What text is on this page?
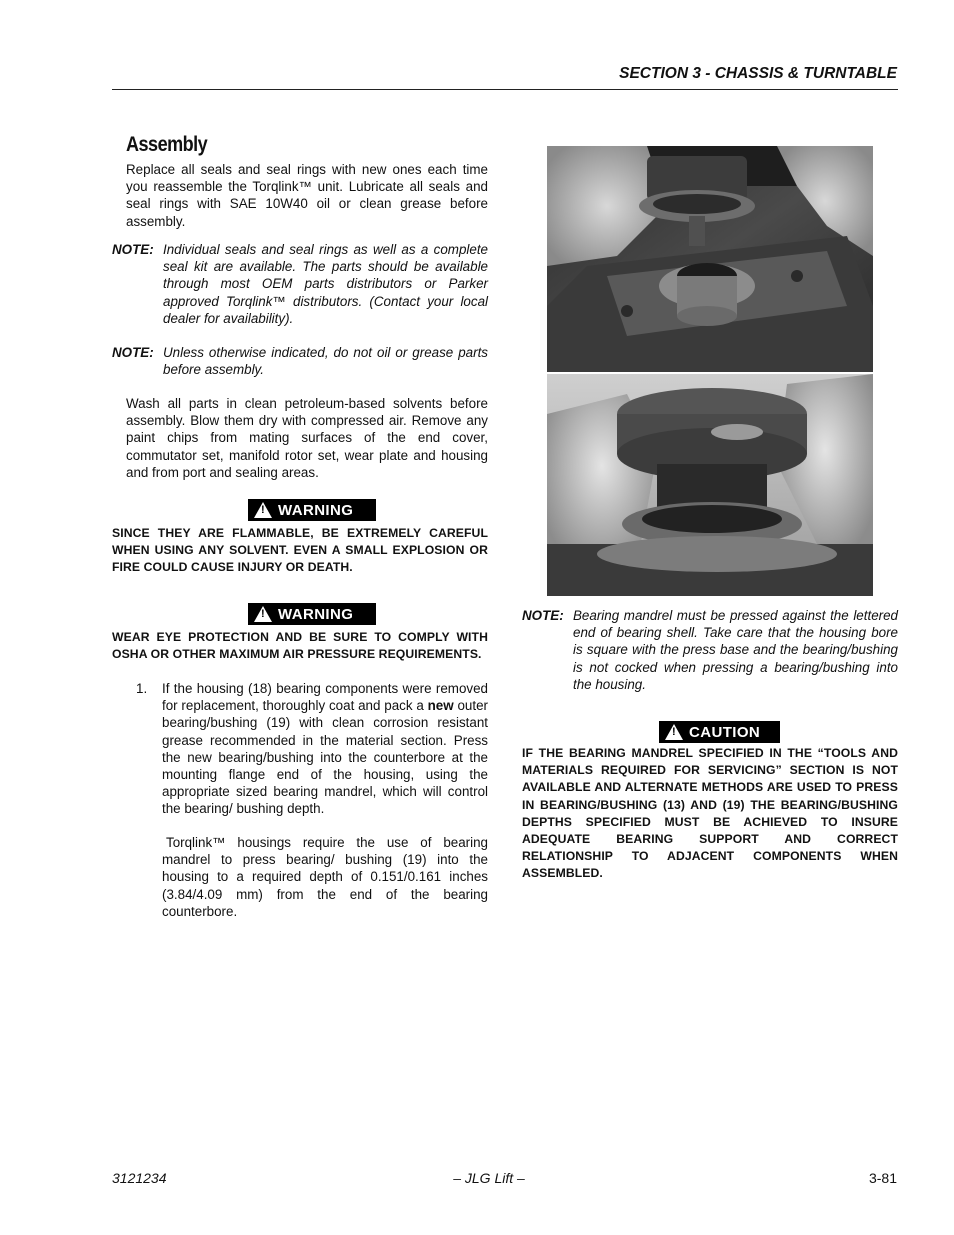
SECTION 3 - CHASSIS & TURNTABLE
Assembly
Replace all seals and seal rings with new ones each time you reassemble the Torqlink™ unit. Lubricate all seals and seal rings with SAE 10W40 oil or clean grease before assembly.
NOTE: Individual seals and seal rings as well as a complete seal kit are available. The parts should be available through most OEM parts distributors or Parker approved Torqlink™ distributors. (Contact your local dealer for availability).
NOTE: Unless otherwise indicated, do not oil or grease parts before assembly.
Wash all parts in clean petroleum-based solvents before assembly. Blow them dry with compressed air. Remove any paint chips from mating surfaces of the end cover, commutator set, manifold rotor set, wear plate and housing and from port and sealing areas.
! WARNING
SINCE THEY ARE FLAMMABLE, BE EXTREMELY CAREFUL WHEN USING ANY SOLVENT. EVEN A SMALL EXPLOSION OR FIRE COULD CAUSE INJURY OR DEATH.
! WARNING
WEAR EYE PROTECTION AND BE SURE TO COMPLY WITH OSHA OR OTHER MAXIMUM AIR PRESSURE REQUIREMENTS.
1. If the housing (18) bearing components were removed for replacement, thoroughly coat and pack a new outer bearing/bushing (19) with clean corrosion resistant grease recommended in the material section. Press the new bearing/bushing into the counterbore at the mounting flange end of the housing, using the appropriate sized bearing mandrel, which will control the bearing/ bushing depth.
Torqlink™ housings require the use of bearing mandrel to press bearing/ bushing (19) into the housing to a required depth of 0.151/0.161 inches (3.84/4.09 mm) from the end of the bearing counterbore.
NOTE: Bearing mandrel must be pressed against the lettered end of bearing shell. Take care that the housing bore is square with the press base and the bearing/bushing is not cocked when pressing a bearing/bushing into the housing.
! CAUTION
IF THE BEARING MANDREL SPECIFIED IN THE “TOOLS AND MATERIALS REQUIRED FOR SERVICING” SECTION IS NOT AVAILABLE AND ALTERNATE METHODS ARE USED TO PRESS IN BEARING/BUSHING (13) AND (19) THE BEARING/BUSHING DEPTHS SPECIFIED MUST BE ACHIEVED TO INSURE ADEQUATE BEARING SUPPORT AND CORRECT RELATIONSHIP TO ADJACENT COMPONENTS WHEN ASSEMBLED.
3121234	– JLG Lift –	3-81
